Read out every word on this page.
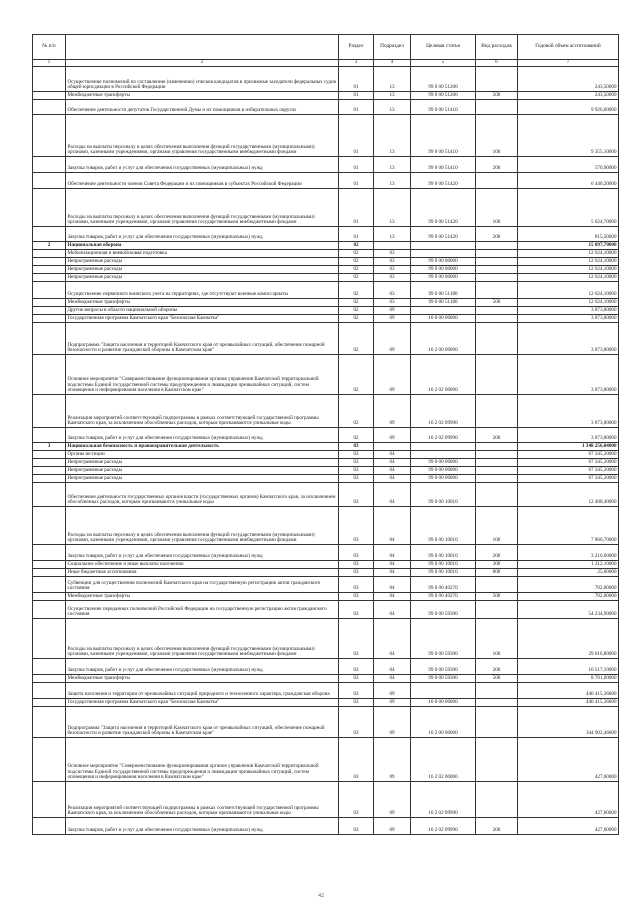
№ п/п		Раздел	Подраздел	Целевая статья	Вид расходов	Годовой объем ассигнований
1	2	3	4	5	6	7
	Осуществление полномочий по составлению (изменению) списков кандидатов в присяжные заседатели федеральных судов общей юрисдикции в Российской Федерации	01	13	99 0 00 51200		243,50000
	Межбюджетные трансферты	01	13	99 0 00 51200	500	243,50000
	Обеспечение деятельности депутатов Государственной Думы и их помощников в избирательных округах	01	13	99 0 00 51410		9 926,00000
	Расходы на выплаты персоналу в целях обеспечения выполнения функций государственными (муниципальными) органами, казенными учреждениями, органами управления государственными внебюджетными фондами	01	13	99 0 00 51410	100	9 355,10000
	Закупка товаров, работ и услуг для обеспечения государственных (муниципальных) нужд	01	13	99 0 00 51410	200	570,90000
	Обеспечение деятельности членов Совета Федерации и их помощников в субъектах Российской Федерации	01	13	99 0 00 51420		6 440,20000
	Расходы на выплаты персоналу в целях обеспечения выполнения функций государственными (муниципальными) органами, казенными учреждениями, органами управления государственными внебюджетными фондами	01	13	99 0 00 51420	100	5 624,70000
	Закупка товаров, работ и услуг для обеспечения государственных (муниципальных) нужд	01	13	99 0 00 51420	200	815,50000
2	Национальная оборона	02				15 897,70000
	Мобилизационная и вневойсковая подготовка	02	03			12 024,10000
	Непрограммные расходы	02	03	99 0 00 00000		12 024,10000
	Непрограммные расходы	02	03	99 0 00 00000		12 024,10000
	Непрограммные расходы	02	03	99 0 00 00000		12 024,10000
	Осуществление первичного воинского учета на территориях, где отсутствуют военные комиссариаты	02	03	99 0 00 51180		12 024,10000
	Межбюджетные трансферты	02	03	99 0 00 51180	500	12 024,10000
	Другие вопросы в области национальной обороны	02	09			3 873,80000
	Государственная программа Камчатского края "Безопасная Камчатка"	02	09	16 0 00 00000		3 873,80000
	Подпрограмма "Защита населения и территорий Камчатского края от чрезвычайных ситуаций, обеспечение пожарной безопасности и развитие гражданской обороны в Камчатском крае"	02	09	16 2 00 00000		3 873,80000
	Основное мероприятие "Совершенствование функционирования органов управления Камчатской территориальной подсистемы Единой государственной системы предупреждения и ликвидации чрезвычайных ситуаций, систем оповещения и информирования населения в Камчатском крае"	02	09	16 2 02 00000		3 873,80000
	Реализация мероприятий соответствующей подпрограммы в рамках соответствующей государственной программы Камчатского края, за исключением обособленных расходов, которым присваиваются уникальные коды	02	09	16 2 02 09990		3 873,80000
	Закупка товаров, работ и услуг для обеспечения государственных (муниципальных) нужд	02	09	16 2 02 09990	200	3 873,80000
3	Национальная безопасность и правоохранительная деятельность	03				1 348 256,04000
	Органы юстиции	03	04			67 345,30000
	Непрограммные расходы	03	04	99 0 00 00000		67 345,30000
	Непрограммные расходы	03	04	99 0 00 00000		67 345,30000
	Непрограммные расходы	03	04	99 0 00 00000		67 345,30000
	Обеспечение деятельности государственных органов власти (государственных органов) Камчатского края, за исключением обособленных расходов, которым присваиваются уникальные коды	03	04	99 0 00 10010		12 408,40000
	Расходы на выплаты персоналу в целях обеспечения выполнения функций государственными (муниципальными) органами, казенными учреждениями, органами управления государственными внебюджетными фондами	03	04	99 0 00 10010	100	7 860,70000
	Закупка товаров, работ и услуг для обеспечения государственных (муниципальных) нужд	03	04	99 0 00 10010	200	3 210,00000
	Социальное обеспечение и иные выплаты населению	03	04	99 0 00 10010	300	1 312,10000
	Иные бюджетные ассигнования	03	04	99 0 00 10010	800	25,60000
	Субвенции для осуществления полномочий Камчатского края на государственную регистрацию актов гражданского состояния	03	04	99 0 00 40270		702,00000
	Межбюджетные трансферты	03	04	99 0 00 40270	500	702,00000
	Осуществление переданных полномочий Российской Федерации на государственную регистрацию актов гражданского состояния	03	04	99 0 00 59300		54 234,90000
	Расходы на выплаты персоналу в целях обеспечения выполнения функций государственными (муниципальными) органами, казенными учреждениями, органами управления государственными внебюджетными фондами	03	04	99 0 00 59300	100	29 016,80000
	Закупка товаров, работ и услуг для обеспечения государственных (муниципальных) нужд	03	04	99 0 00 59300	200	16 517,10000
	Межбюджетные трансферты	03	04	99 0 00 59300	500	8 701,00000
	Защита населения и территории от чрезвычайных ситуаций природного и техногенного характера, гражданская оборона	03	09			446 415,36600
	Государственная программа Камчатского края "Безопасная Камчатка"	03	09	16 0 00 00000		446 415,36600
	Подпрограмма "Защита населения и территорий Камчатского края от чрезвычайных ситуаций, обеспечение пожарной безопасности и развитие гражданской обороны в Камчатском крае"	03	09	16 2 00 00000		344 902,46600
	Основное мероприятие "Совершенствование функционирования органов управления Камчатской территориальной подсистемы Единой государственной системы предупреждения и ликвидации чрезвычайных ситуаций, систем оповещения и информирования населения в Камчатском крае"	03	09	16 2 02 00000		427,60000
	Реализация мероприятий соответствующей подпрограммы в рамках соответствующей государственной программы Камчатского края, за исключением обособленных расходов, которым присваиваются уникальные коды	03	09	16 2 02 09990		427,60000
	Закупка товаров, работ и услуг для обеспечения государственных (муниципальных) нужд	03	09	16 2 02 09990	200	427,60000
42
